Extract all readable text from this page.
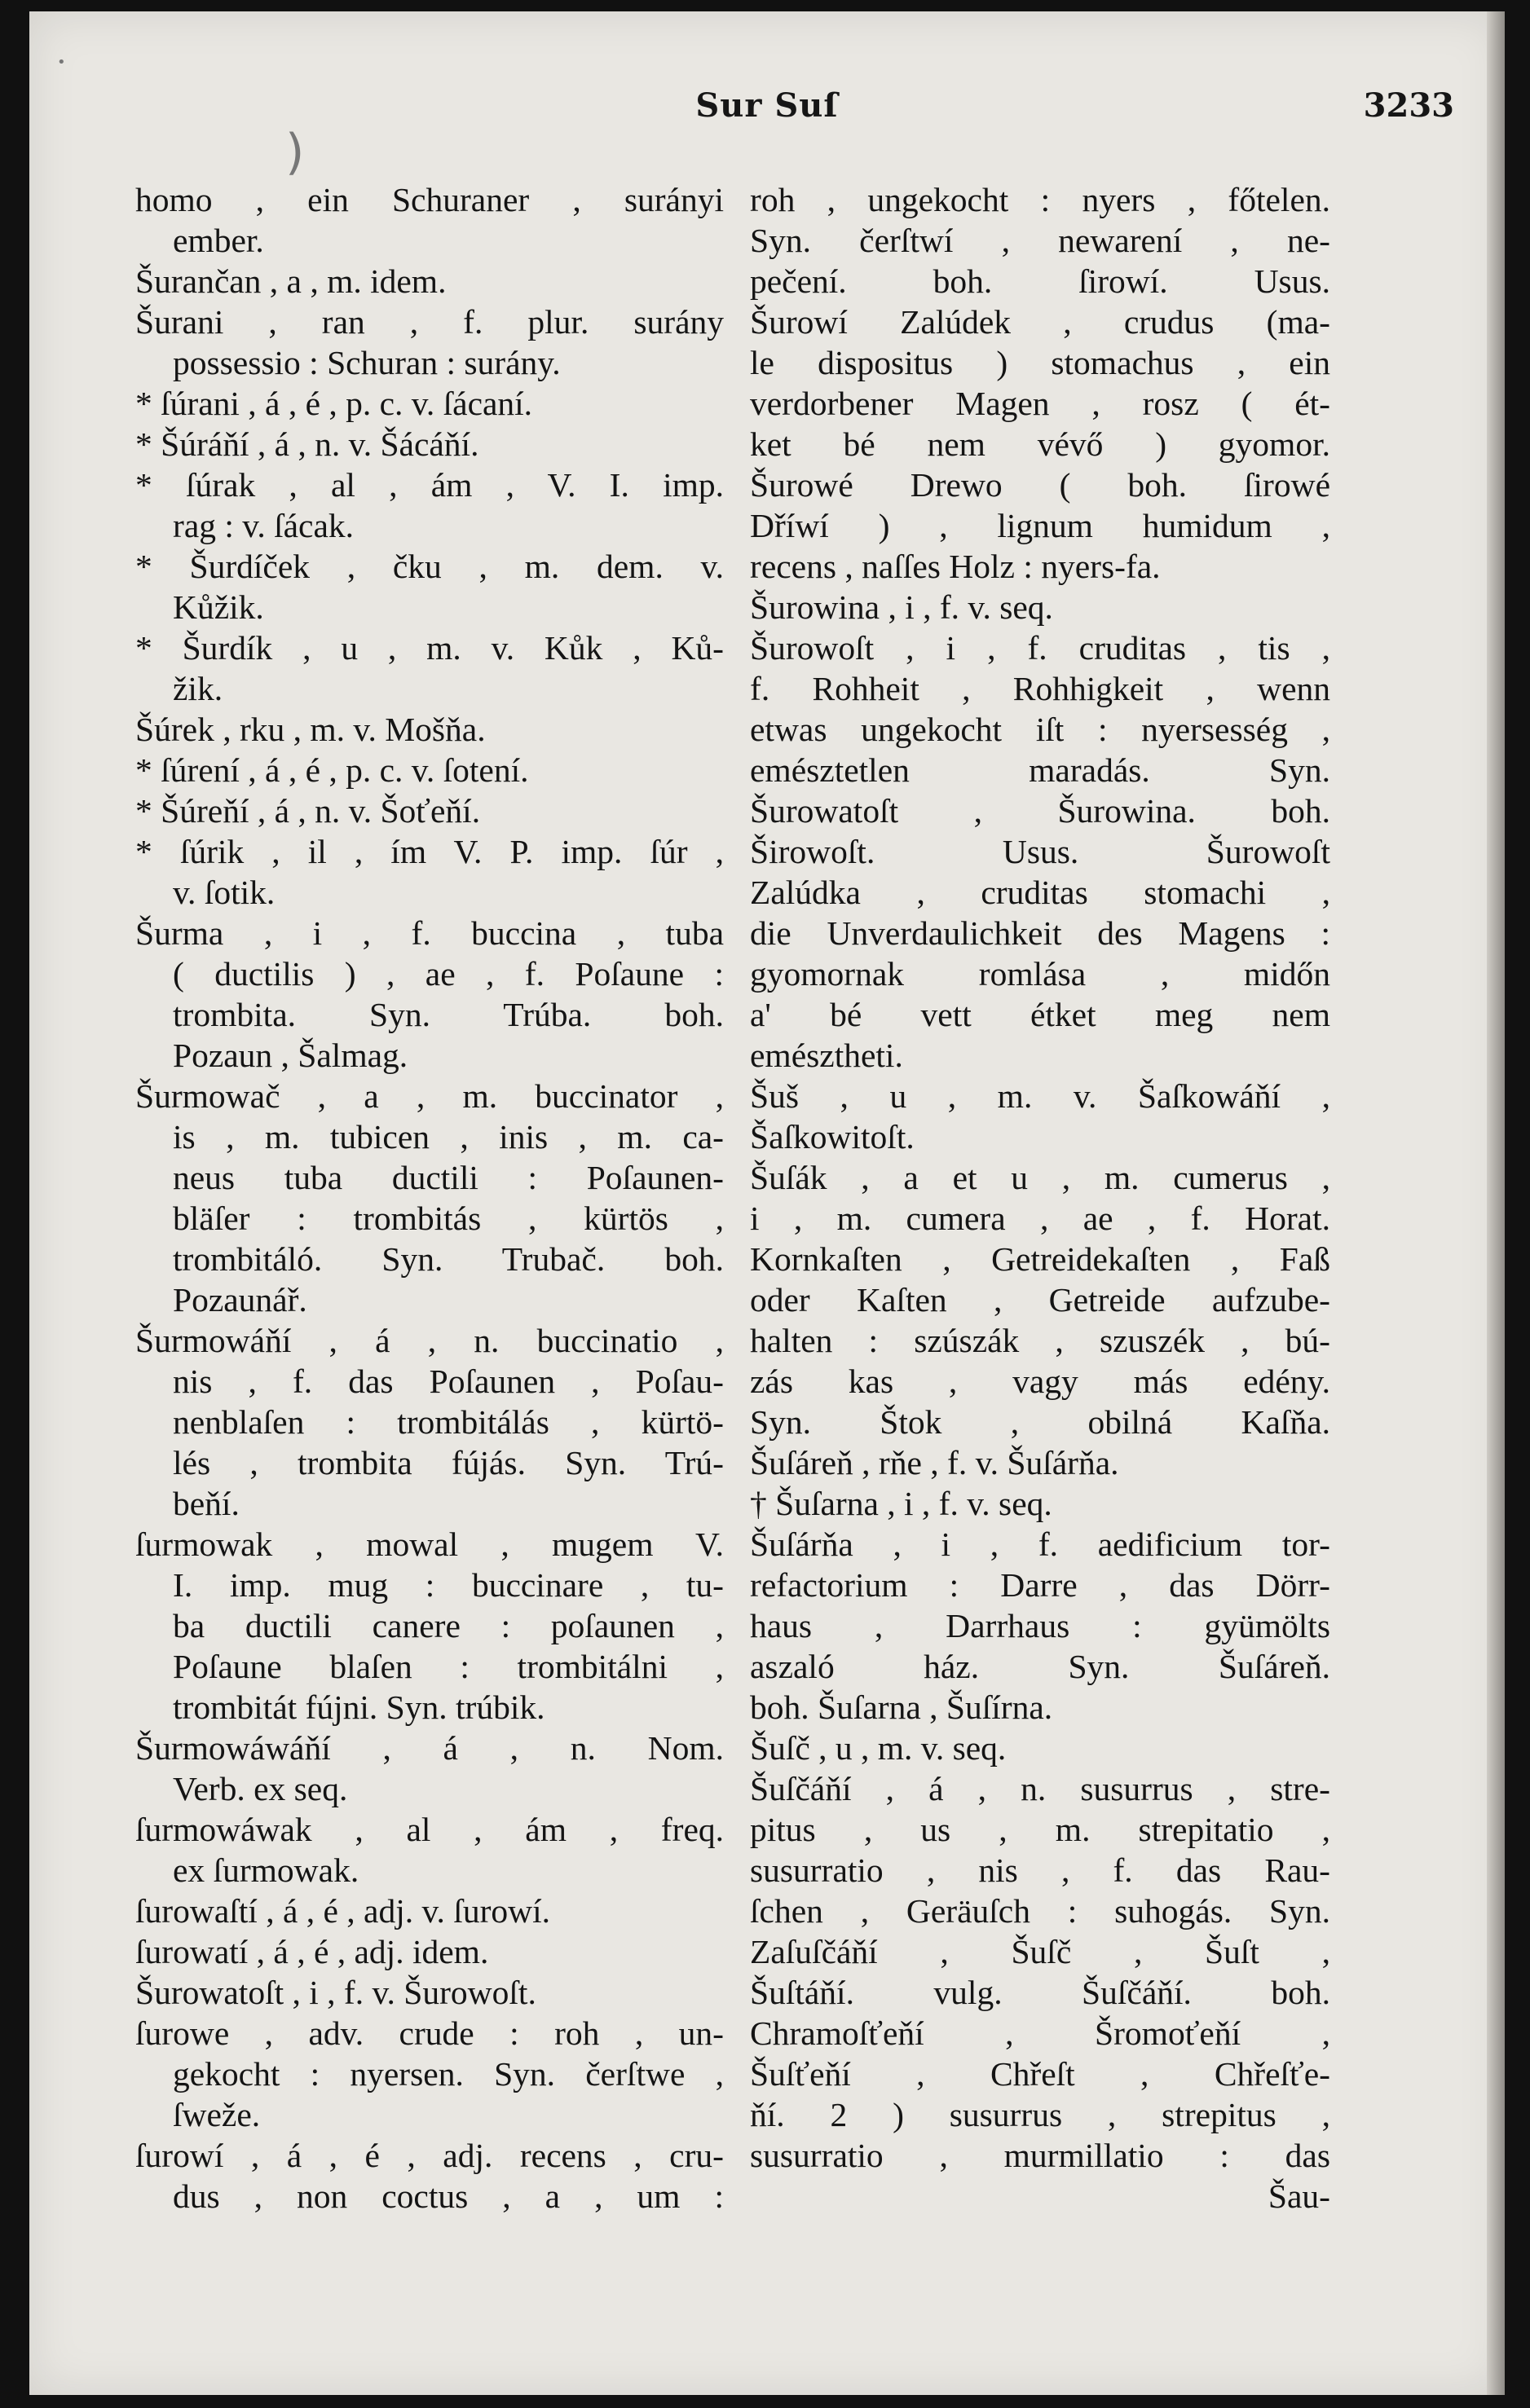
Sur Suſ	3233
homo , ein Schuraner , surányi
ember.
Šurančan , a , m. idem.
Šurani , ran , f. plur. surány
possessio : Schuran : surány.
* ſúrani , á , é , p. c. v. ſácaní.
* Šúráňí , á , n. v. Šácáňí.
* ſúrak , al , ám , V. I. imp.
rag : v. ſácak.
* Šurdíček , čku , m. dem. v.
Kůžik.
* Šurdík , u , m. v. Kůk , Ků-
žik.
Šúrek , rku , m. v. Mošňa.
* ſúrení , á , é , p. c. v. ſotení.
* Šúreňí , á , n. v. Šoťeňí.
* ſúrik , il , ím V. P. imp. ſúr ,
v. ſotik.
Šurma , i , f. buccina , tuba
( ductilis ) , ae , f. Poſaune :
trombita. Syn. Trúba. boh.
Pozaun , Šalmag.
Šurmowač , a , m. buccinator ,
is , m. tubicen , inis , m. ca-
neus tuba ductili : Poſaunen-
bläſer : trombitás , kürtös ,
trombitáló. Syn. Trubač. boh.
Pozaunář.
Šurmowáňí , á , n. buccinatio ,
nis , f. das Poſaunen , Poſau-
nenblaſen : trombitálás , kürtö-
lés , trombita fújás. Syn. Trú-
beňí.
ſurmowak , mowal , mugem V.
I. imp. mug : buccinare , tu-
ba ductili canere : poſaunen ,
Poſaune blaſen : trombitálni ,
trombitát fújni. Syn. trúbik.
Šurmowáwáňí , á , n. Nom.
Verb. ex seq.
ſurmowáwak , al , ám , freq.
ex ſurmowak.
ſurowaſtí , á , é , adj. v. ſurowí.
ſurowatí , á , é , adj. idem.
Šurowatoſt , i , f. v. Šurowoſt.
ſurowe , adv. crude : roh , un-
gekocht : nyersen. Syn. čerſtwe ,
ſweže.
ſurowí , á , é , adj. recens , cru-
dus , non coctus , a , um :
roh , ungekocht : nyers , főtelen.
Syn. čerſtwí , newarení , ne-
pečení. boh. ſirowí. Usus.
Šurowí Zalúdek , crudus (ma-
le dispositus ) stomachus , ein
verdorbener Magen , rosz ( ét-
ket bé nem vévő ) gyomor.
Šurowé Drewo ( boh. ſirowé
Dříwí ) , lignum humidum ,
recens , naſſes Holz : nyers-fa.
Šurowina , i , f. v. seq.
Šurowoſt , i , f. cruditas , tis ,
f. Rohheit , Rohhigkeit , wenn
etwas ungekocht iſt : nyersesség ,
emésztetlen maradás. Syn.
Šurowatoſt , Šurowina. boh.
Širowoſt. Usus. Šurowoſt
Zalúdka , cruditas stomachi ,
die Unverdaulichkeit des Magens :
gyomornak romlása , midőn
a' bé vett étket meg nem
emésztheti.
Šuš , u , m. v. Šaſkowáňí ,
Šaſkowitoſt.
Šuſák , a et u , m. cumerus ,
i , m. cumera , ae , f. Horat.
Kornkaſten , Getreidekaſten , Faß
oder Kaſten , Getreide aufzube-
halten : szúszák , szuszék , bú-
zás kas , vagy más edény.
Syn. Štok , obilná Kaſňa.
Šuſáreň , rňe , f. v. Šuſárňa.
† Šuſarna , i , f. v. seq.
Šuſárňa , i , f. aedificium tor-
refactorium : Darre , das Dörr-
haus , Darrhaus : gyümölts
aszaló ház. Syn. Šuſáreň.
boh. Šuſarna , Šuſírna.
Šuſč , u , m. v. seq.
Šuſčáňí , á , n. susurrus , stre-
pitus , us , m. strepitatio ,
susurratio , nis , f. das Rau-
ſchen , Geräuſch : suhogás. Syn.
Zaſuſčáňí , Šuſč , Šuſt ,
Šuſtáňí. vulg. Šuſčáňí. boh.
Chramoſťeňí , Šromoťeňí ,
Šuſťeňí , Chřeſt , Chřeſťe-
ňí. 2 ) susurrus , strepitus ,
susurratio , murmillatio : das
Šau-
)
•
